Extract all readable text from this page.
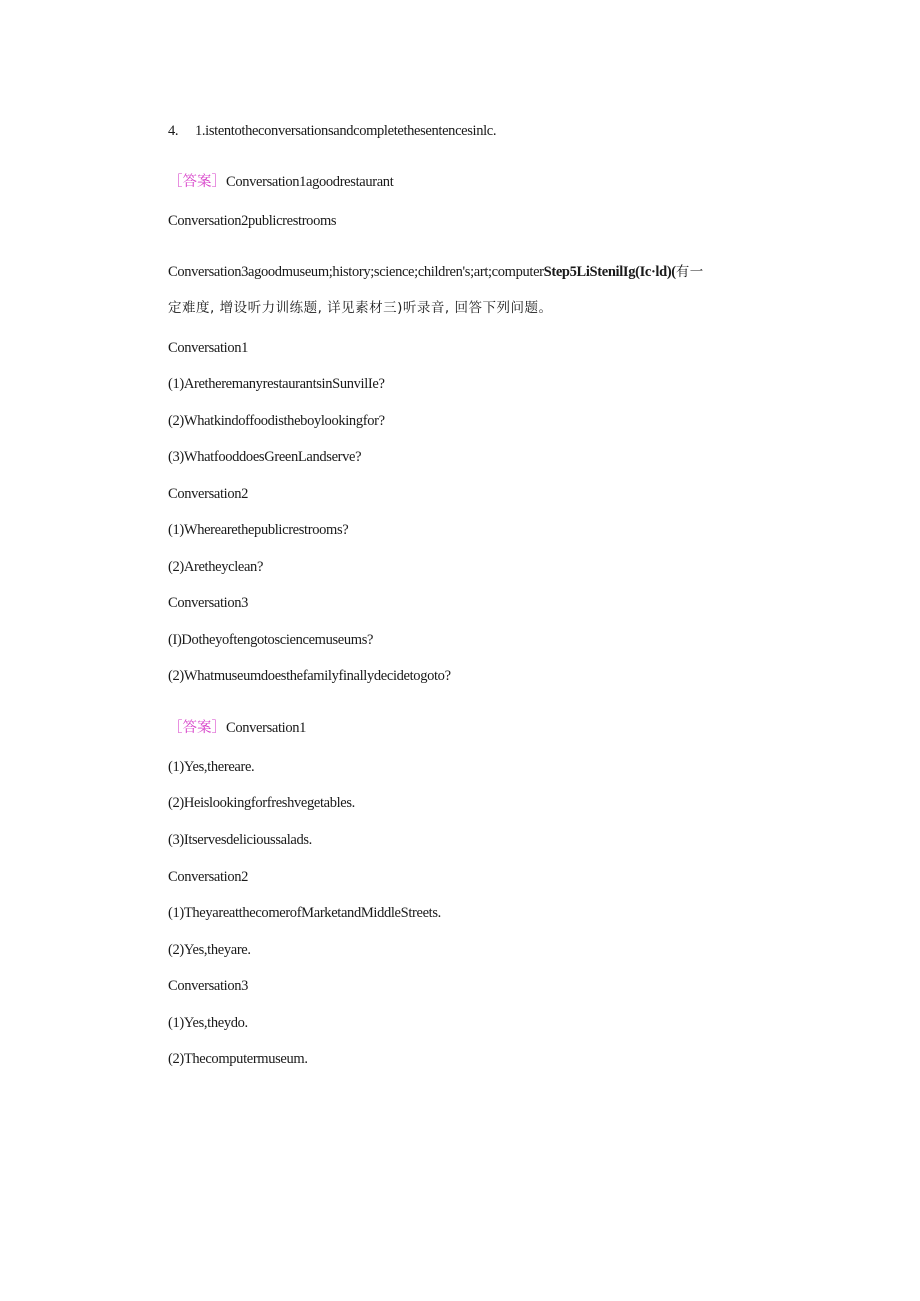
4. 1.istentotheconversationsandcompletethesentencesinlc.
［答案］Conversation1agoodrestaurant
Conversation2publicrestrooms
Conversation3agoodmuseum;history;science;children's;art;computerStep5LiStenilIg(Ic·ld)(有一
定难度, 增设听力训练题, 详见素材三)听录音, 回答下列问题。
Conversation1
(1)AretheremanyrestaurantsinSunvilIe?
(2)Whatkindoffoodistheboylookingfor?
(3)WhatfooddoesGreenLandserve?
Conversation2
(1)Wherearethepublicrestrooms?
(2)Aretheyclean?
Conversation3
(I)Dotheyoftengotosciencemuseums?
(2)Whatmuseumdoesthefamilyfinallydecidetogoto?
［答案］Conversation1
(1)Yes,thereare.
(2)Heislookingforfreshvegetables.
(3)Itservesdelicioussalads.
Conversation2
(1)TheyareatthecomerofMarketandMiddleStreets.
(2)Yes,theyare.
Conversation3
(1)Yes,theydo.
(2)Thecomputermuseum.
